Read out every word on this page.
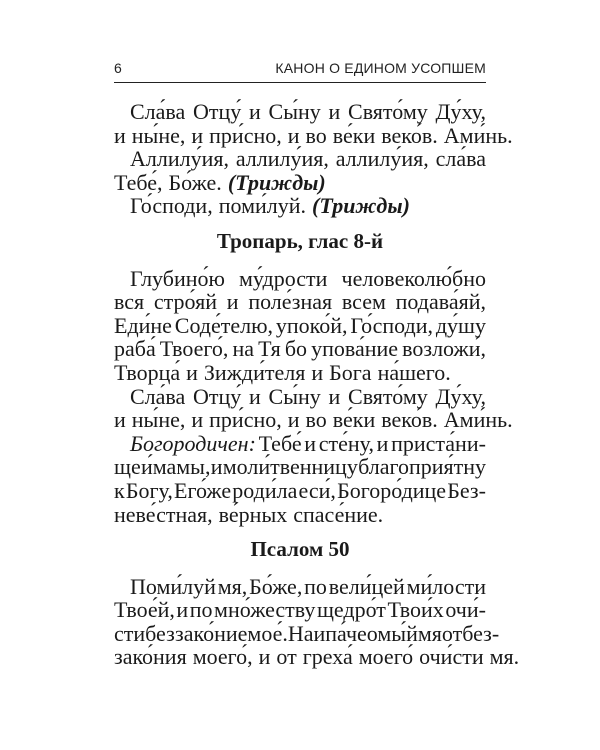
6	КАНОН О ЕДИНОМ УСОПШЕМ
Сла́ва Отцу́ и Сы́ну и Свято́му Ду́ху,
и ны́не, и при́сно, и во ве́ки веко́в. Ами́нь.
Аллилу́ия, аллилу́ия, аллилу́ия, сла́ва
Тебе́, Бо́же. (Трижды)
Го́споди, поми́луй. (Трижды)
Тропарь, глас 8-й
Глубино́ю му́дрости человеколю́бно
вся стро́яй и поле́зная всем подава́яй,
Еди́не Соде́телю, упоко́й, Го́споди, ду́шу
раба́ Твоего́, на Тя бо упова́ние возложи́,
Творца́ и Зижди́теля и Бога на́шего.
Сла́ва Отцу́ и Сы́ну и Свято́му Ду́ху,
и ны́не, и при́сно, и во ве́ки веко́в. Ами́нь.
Богородичен: Тебе́ и сте́ну, и приста́ни-
ще и́мамы, и моли́твенницу благоприя́тну
к Богу, Его́же роди́ла еси́, Богоро́дице Без-
неве́стная, ве́рных спасе́ние.
Псалом 50
Поми́луй мя, Бо́же, по вели́цей ми́лости
Твое́й, и по мно́жеству щедро́т Твои́х очи́-
сти беззако́ние мое́. Наипа́че омы́й мя от без-
зако́ния моего́, и от греха́ моего́ очи́сти мя.
